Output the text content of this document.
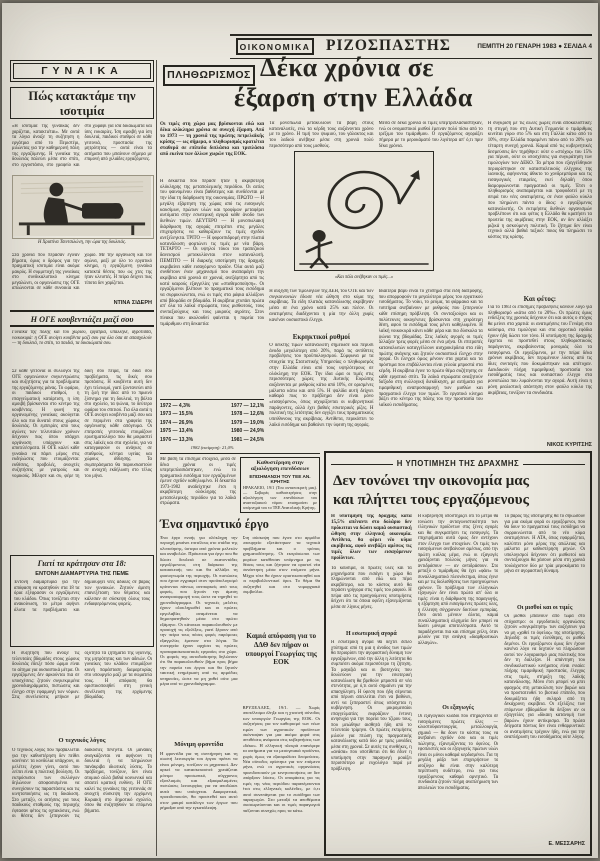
ΟΙΚΟΝΟΜΙΚΑ ΡΙΖΟΣΠΑΣΤΗΣ	ΠΕΜΠΤΗ 20 ΓΕΝΑΡΗ 1983 ● ΣΕΛΙΔΑ 4
ΓΥΝΑΙΚΑ
Πώς κατακτάμε την ισοτιμία
«Η ισοτιμία της γυναίκας δεν χαρίζεται, κατακτιέται». Με αυτά τα λόγια άνοιξε τη συζήτηση η εργάτρια από το Περιστέρι, μιλώντας για την καθημερινή πάλη της εργαζόμενης. Η γυναίκα της δουλειάς παλεύει μέσα στο σπίτι, στο εργοστάσιο, στο γραφείο και στο χωράφι για ίσα δικαιώματα και ίσες ευκαιρίες. Ίση αμοιβή για ίση δουλειά, παιδικοί σταθμοί σε κάθε γειτονιά, προστασία της μητρότητας — αυτά είναι τα αιτήματα που μπαίνουν σήμερα με επιμονή από χιλιάδες εργαζόμενες.
Η Χριστίνα Τσιντσιλώνη, την ώρα της δουλειάς.
Στα χρόνια που πέρασαν έγιναν βήματα, όμως ο δρόμος για την πραγματική ισοτιμία είναι ακόμα μακρύς. Η συμμετοχή της γυναίκας στο συνδικαλιστικό κίνημα μεγαλώνει, οι οργανώσεις της ΟΓΕ απλώνονται σε κάθε συνοικία και χωριό. Με την οργάνωση και τον αγώνα, μαζί με όλο το εργατικό κίνημα, η εργαζόμενη γυναίκα κατακτά θέσεις που ως χτες της ήταν κλειστές. Η πείρα δείχνει πως τίποτα δεν χαρίζεται.
ΝΤΙΝΑ ΣΙΔΕΡΗ
Η ΟΓΕ κουβεντιάζει μαζί σου
Γυναίκα της πόλης και του χωριού, εργάτρια, υπάλληλε, αγρότισσα, νοικοκυρά: η ΟΓΕ ανοίγει κουβέντα μαζί σου για όλα όσα σε απασχολούν — τη δουλειά, το σπίτι, τα παιδιά, τα δικαιώματά σου.
Σε κάθε γειτονιά οι σύλλογοι της ΟΓΕ οργανώνουν συγκεντρώσεις και συζητήσεις για τα προβλήματα της εργαζόμενης μάνας. Το ωράριο, οι παιδικοί σταθμοί, η επαγγελματική κατάρτιση, η ίση αμοιβή βρίσκονται στο κέντρο της κουβέντας. Η φωνή της οργανωμένης γυναίκας ακούγεται όλο και πιο δυνατά στους χώρους δουλειάς. Οι εμπειρίες από τους αγώνες των τελευταίων χρόνων δείχνουν πως όπου υπάρχει οργάνωση υπάρχουν και αποτελέσματα. Η ΟΓΕ καλεί κάθε γυναίκα να πάρει μέρος στις εκδηλώσεις που ετοιμάζονται: εκθέσεις, προβολές, ανοιχτές συζητήσεις με γιατρούς και νομικούς. Μίλησε και συ, φέρε τη δική σου πείρα, τα δικά σου προβλήματα, τις δικές σου προτάσεις. Η κουβέντα αυτή δεν έχει τελειωμό, γιατί ζωντανεύει από τη ζωή την ίδια: από το πρωινό ξύπνημα για τη δουλειά, τη βόλτα στο σχολείο, τα ψώνια, το δεύτερο ωράριο του σπιτιού. Για όλα αυτά η ΟΓΕ ανοίγει κουβέντα μαζί σου και σε περιμένει στα γραφεία της οργάνωσης κάθε απόγευμα. Οι επιτροπές γειτονιάς ετοιμάζουν ερωτηματολόγιο που θα μοιραστεί στις λαϊκές και στα σχολεία, για να καταγραφούν οι ανάγκες σε σταθμούς, κέντρα υγείας και χώρους άθλησης. Τα συμπεράσματα θα παρουσιαστούν σε ανοιχτή εκδήλωση στο τέλος του μήνα.
Γιατί τα κράτησαν στα 18:
ΕΝΤΟΝΗ ΔΙΑΜΑΡΤΥΡΙΑ ΤΗΣ ΠΕΜΕ
Έντονη διαμαρτυρία για την απόφαση να κρατηθούν στα 18 τα όρια εξέφρασαν οι εργαζόμενες του κλάδου. Όπως τονίζεται στην ανακοίνωση, το μέτρο αφήνει άλυτα τα προβλήματα και δημιουργεί νέες αδικίες σε βάρος των γυναικών. Ζητούν άμεση επανεξέταση του θέματος και κάλεσαν σε σύσκεψη όλους τους ενδιαφερόμενους φορείς.
Η συζήτηση που άνοιξε τις τελευταίες βδομάδες στους χώρους δουλειάς έδειξε πόσο ώριμο είναι το αίτημα για ουσιαστικά μέτρα. Οι εργαζόμενες δεν αρκούνται πια σε υποσχέσεις: ζητούν συγκεκριμένα χρονοδιαγράμματα, πιστώσεις και έλεγχο στην εφαρμογή των νόμων. Στις συνελεύσεις μπήκαν με οξύτητα τα ζητήματα της υγιεινής, της μητρότητας και των αδειών. Οι γυναίκες του κλάδου ετοιμάζουν κοινή παράσταση διαμαρτυρίας στο υπουργείο μαζί με τα σωματεία τους. Η απόφαση θα οριστικοποιηθεί στη γενική συνέλευση της ερχόμενης βδομάδας.
Ο τεχνικός λόγος
Ο τεχνικός λόγος που προβάλλεται για την καθυστέρηση δεν πείθει κανέναν: τα κονδύλια υπάρχουν, οι μελέτες έχουν γίνει, αυτό που λείπει είναι η πολιτική βούληση. Οι εκπρόσωποι των συλλόγων δηλώνουν αποφασισμένοι να συνεχίσουν τις παραστάσεις και τις κινητοποιήσεις ως τη δικαίωση. Στο μεταξύ, οι αιτήσεις για τους παιδικούς σταθμούς της περιοχής έφτασαν φέτος τις οχτακόσιες, ενώ οι θέσεις δεν ξεπερνούν τις διακόσιες πενήντα. Οι μανάδες αναγκάζονται να αφήνουν τη δουλειά ή να πληρώνουν πανάκριβα ιδιωτικές λύσεις. Το πρόβλημα, τονίζουν, δεν είναι ατομικό αλλά βαθιά κοινωνικό και απαιτεί κρατική ευθύνη. Η ΟΓΕ καλεί τις γυναίκες της γειτονιάς σε ανοιχτή σύσκεψη την ερχόμενη Κυριακή στο δημοτικό σχολείο, όπου θα συζητηθούν τα επόμενα βήματα.
ΠΛΗΘΩΡΙΣΜΟΣ Δέκα χρόνια σε
έξαρση στην Ελλάδα
Οι τιμές στη χώρα μας βρίσκονται εδώ και δέκα ολόκληρα χρόνια σε συνεχή έξαρση. Από το 1973 — τη χρονιά της πρώτης πετρελαϊκής κρίσης — ως σήμερα, ο πληθωρισμός κρατιέται σταθερά σε επίπεδα διπλάσια και τριπλάσια από εκείνα των άλλων χωρών της ΕΟΚ.
Η δεκαετία που πέρασε ήταν η ακριβότερη ολόκληρης της μεταπολεμικής περιόδου. Οι αιτίες του φαινομένου είναι βαθύτερες και συνδέονται με την ίδια τη διάρθρωση της οικονομίας. ΠΡΩΤΟ — Η μεγάλη εξάρτηση της χώρας από τις εισαγωγές καυσίμων, πρώτων υλών και τροφίμων μεταφέρει αυτόματα στην εσωτερική αγορά κάθε άνοδο των διεθνών τιμών. ΔΕΥΤΕΡΟ — Η μονοπωλιακή διάρθρωση της αγοράς επιτρέπει στις μεγάλες επιχειρήσεις να καθορίζουν τις τιμές σχεδόν ανεξέλεγκτα. ΤΡΙΤΟ — Η φοροεπιδρομή στην πλατιά κατανάλωση φορτώνει τις τιμές με νέα βάρη. ΤΕΤΑΡΤΟ — Οι υψηλοί τόκοι του τραπεζικού δανεισμού μετακυλίονται στον καταναλωτή. ΠΕΜΠΤΟ — Η διαρκής υποτίμηση της δραχμής ακριβαίνει κάθε εισαγόμενο προϊόν. Όλα αυτά μαζί συνθέτουν έναν μηχανισμό που αναπαράγει την ακρίβεια από χρονιά σε χρονιά, ανεξάρτητα από τις κατά καιρούς εξαγγελίες για «σταθεροποίηση». Οι εργαζόμενοι βλέπουν το πραγματικό τους εισόδημα να συρρικνώνεται, ενώ οι τιμές στα ράφια αλλάζουν από βδομάδα σε βδομάδα. Η ακρίβεια χτυπάει πρώτα απ' όλα τα λαϊκά στρώματα, τους μισθωτούς, τους συνταξιούχους και τους μικρούς αγρότες. Στον πίνακα που ακολουθεί φαίνεται η πορεία του τιμάριθμου στη δεκαετία:
1972 — 4,3%	1977 — 12,1%
1973 — 15,5%	1978 — 12,6%
1974 — 26,9%	1979 — 19,0%
1975 — 13,4%	1980 — 24,9%
1976 — 13,3%	1981 — 24,5%
1982 (εκτίμηση): 21,0%
Τα μονοπώλια μετακυλίουν τα βάρη στους καταναλωτές, ενώ τα κέρδη τους αυξάνονται χρόνο με το χρόνο. Η τιμή του ψωμιού, του γάλακτος και του λαδιού ανέβηκε μέσα στη χρονιά πολύ περισσότερο από τους μισθούς.
Η αύξηση των τιμολογίων της ΔΕΗ, του ΟΤΕ και των συγκοινωνιών έδωσε νέα ώθηση στο κύμα της ακρίβειας. Τα είδη πλατιάς κατανάλωσης ακρίβηναν μέσα σε ένα χρόνο κατά 25% και πλέον. Οι ανατιμήσεις διαδέχονται η μία την άλλη χωρίς κανέναν ουσιαστικό έλεγχο.
Εκρηκτικοί ρυθμοί
Ο δείκτης τιμών καταναλωτή σημείωσε και πέρυσι άνοδο μεγαλύτερη από 20%, παρά τις αντίθετες προβλέψεις του προϋπολογισμού. Σύμφωνα με τα στοιχεία της Στατιστικής Υπηρεσίας ο πληθωρισμός στην Ελλάδα είναι από τους υψηλότερους σε ολόκληρη την ΕΟΚ. Την ίδια ώρα οι τιμές στις περισσότερες χώρες της Δυτικής Ευρώπης αυξάνονται με ρυθμούς κάτω από 10%, σε ορισμένες μάλιστα κάτω και από 5%. Η ψαλίδα αυτή δείχνει καθαρά πως το πρόβλημα δεν είναι μόνο «εισαγόμενο», όπως ισχυρίζονται οι κυβερνητικοί παράγοντες, αλλά έχει βαθιές εσωτερικές ρίζες. Η πολιτική της λιτότητας δεν αγγίζει τους πραγματικούς υπεύθυνους της ακρίβειας. Αντίθετα, περικόπτει το λαϊκό εισόδημα και βαθαίνει την ύφεση της αγοράς.
Μέσα σε δέκα χρόνια οι τιμές υπερτριπλασιάστηκαν, ενώ οι ονομαστικοί μισθοί έμειναν πολύ πίσω από το τρέξιμο του τιμάριθμου. Ο εργαζόμενος αγοράζει σήμερα με το μεροκάματό του λιγότερα απ' ό,τι πριν δέκα χρόνια.
Ιδιαίτερα βαρύ είναι το χτύπημα στα είδη διατροφής, που απορροφούν το μεγαλύτερο μέρος του εργατικού εισοδήματος. Το νοίκι, το ρεύμα, τα φάρμακα και τα εισιτήρια ανεβαίνουν με ρυθμούς που ξεπερνούν κάθε επίσημη πρόβλεψη. Οι συνταξιούχοι και οι πολύτεκνες οικογένειες βρίσκονται στη χειρότερη θέση, αφού το εισόδημά τους μένει καθηλωμένο. Η λαϊκή νοικοκυρά κάνει κάθε μέρα και πιο δύσκολα τα ψώνια της βδομάδας. Στις λαϊκές αγορές οι τιμές άλλαξαν τρεις φορές μέσα σε ένα μήνα. Οι επιτροπές καταναλωτών καταγγέλλουν αισχροκέρδεια στα είδη πρώτης ανάγκης και ζητούν ουσιαστικό έλεγχο στην αγορά. Οι έλεγχοι όμως μένουν στα χαρτιά και τα πρόστιμα που επιβάλλονται είναι γελοία μπροστά στα κέρδη. Η ακρίβεια έγινε το πρώτο θέμα συζήτησης σε κάθε εργατικό σπίτι. Τα λαϊκά στρώματα αναζητούν διέξοδο στη συλλογική διεκδίκηση, με αιτήματα για τιμαριθμική αναπροσαρμογή των μισθών και πραγματικό έλεγχο των τιμών. Το εργατικό κίνημα βάζει στο κέντρο της πάλης του την προστασία του λαϊκού εισοδήματος.
Η σύγκριση με τις άλλες χώρες είναι αποκαλυπτική: τη στιγμή που στη Δυτική Γερμανία ο τιμάριθμος κινείται γύρω στο 5% και στη Γαλλία κάτω από το 10%, στην Ελλάδα παραμένει πάνω από το 20% για τέταρτη συνεχή χρονιά. Καμιά από τις κυβερνητικές δεσμεύσεις δεν τηρήθηκε: ούτε ο «στόχος» του 15% για πέρυσι, ούτε οι υποσχέσεις για συγκράτηση των τιμολογίων των ΔΕΚΟ. Τα μέτρα που εξαγγέλθηκαν περιορίστηκαν σε κατασταλτικούς ελέγχους της λιανικής, αφήνοντας άθικτο το χονδρεμπόριο και τις εισαγωγικές εταιρείες, εκεί δηλαδή όπου διαμορφώνονται πραγματικά οι τιμές. Έτσι ο πληθωρισμός αναπαράγεται και τροφοδοτεί με τη σειρά του νέες ανατιμήσεις, σε έναν φαύλο κύκλο που πληρώνει πάντα ο ίδιος: ο εργαζόμενος καταναλωτής. Οι εκτιμήσεις διεθνών οργανισμών προβλέπουν ότι και φέτος η Ελλάδα θα κρατήσει τα πρωτεία της ακρίβειας στην ΕΟΚ, αν δεν αλλάξει ριζικά η ασκούμενη πολιτική. Το ζήτημα δεν είναι τεχνικό αλλά βαθιά ταξικό: ποιος θα πληρώσει το κόστος της κρίσης.
Και φέτος:
Για το 1983 οι επίσημες προβλέψεις κάνουν λόγο για πληθωρισμό «κάτω από το 20%». Οι πρώτες όμως ενδείξεις της χρονιάς δείχνουν ότι και αυτός ο στόχος θα μείνει στα χαρτιά: οι ανατιμήσεις του Γενάρη στα καύσιμα, στα τιμολόγια και στα αγροτικά εφόδια έχουν ήδη δώσει τον τόνο. Η υποτίμηση της δραχμής έρχεται να προστεθεί στους πληθωριστικούς παράγοντες, ακριβαίνοντας μονομιάς όλα τα εισαγόμενα. Οι εργαζόμενοι, με την πείρα δέκα χρόνων ακρίβειας, δεν περιμένουν λύσεις από τις ίδιες συνταγές που δοκιμάστηκαν και απέτυχαν. Διεκδικούν πλήρη τιμαριθμική προστασία του εισοδήματός τους και ουσιαστικό έλεγχο στα μονοπώλια που λυμαίνονται την αγορά. Αυτή είναι η μόνη ρεαλιστική απάντηση στον φαύλο κύκλο της ακρίβειας, τονίζουν τα συνδικάτα.
ΝΙΚΟΣ ΚΥΡΙΤΣΗΣ
«Και πάλι ανέβηκαν οι τιμές...»
Με βάση τα επίσημα στοιχεία, μέσα σε δέκα χρόνια οι τιμές υπερτριπλασιάστηκαν, ενώ το πραγματικό εισόδημα των εργαζομένων έμεινε σχεδόν καθηλωμένο. Η δεκαετία 1973-1982 αναδείχτηκε έτσι η ακριβότερη ολόκληρης της μεταπολεμικής περιόδου για τα λαϊκά στρώματα.
Καθυστέρηση στην αξιολόγηση επενδύσεων
ΕΠΙΣΗΜΑΝΣΗ ΤΟΥ ΤΕΕ ΑΝ. ΚΡΗΤΗΣ
ΗΡΑΚΛΕΙΟ, 19/1 (Του ανταποκριτή μας). — Σοβαρές καθυστερήσεις στην αξιολόγηση των επενδύσεων του αναπτυξιακού νόμου επισημαίνει με υπόμνημά του το ΤΕΕ Ανατολικής Κρήτης.
Ένα σημαντικό έργο
Ένα έργο πνοής για ολόκληρη την περιοχή μπαίνει επιτέλους στο στάδιο της υλοποίησης, ύστερα από χρόνια μελετών και αναβολών. Πρόκειται για έργο που θα δώσει δουλειά σε εκατοντάδες εργαζόμενους στη διάρκεια της κατασκευής του και θα αλλάξει τη φυσιογνωμία της περιοχής. Οι πιστώσεις που έχουν εγγραφεί στον προϋπολογισμό κρίνονται πάντως ανεπαρκείς από τους φορείς, που ζητούν την άμεση αναπροσαρμογή τους ώστε να τηρηθεί το χρονοδιάγραμμα. Οι τεχνικές μελέτες έχουν ολοκληρωθεί και οι πρώτες εργολαβίες αναμένεται να δημοπρατηθούν μέσα στο πρώτο εξάμηνο. Οι κάτοικοι παρακολουθούν με προσοχή τις εξελίξεις, γιατί ξέρουν από την πείρα τους πόσες φορές παρόμοιες εξαγγελίες έμειναν στα λόγια. Τα συνεργεία έχουν αρχίσει τις πρώτες προπαρασκευαστικές εργασίες στο χώρο. Οι φορείς της αυτοδιοίκησης δηλώνουν ότι θα παρακολουθούν βήμα προς βήμα την πορεία του έργου και θα ζητούν τακτική ενημέρωση από τις αρμόδιες υπηρεσίες, ώστε να μη χαθεί ούτε μια μέρα από το χρονοδιάγραμμα.
Μόνιμη φροντίδα
Η φροντίδα για τη συντήρηση και τη σωστή λειτουργία του έργου πρέπει να είναι μόνιμη, τονίζουν οι μηχανικοί. Δεν αρκεί να κατασκευαστεί: χρειάζεται μόνιμο προσωπικό, σύγχρονος εξοπλισμός και εξασφαλισμένες πιστώσεις λειτουργίας για να αποδώσει αυτά που υπόσχεται. Διαφορετικά, προειδοποιούν, θα προστεθεί και αυτό στον μακρύ κατάλογο των έργων που ρήμαξαν από την εγκατάλειψη.
Στη σύσκεψη που έγινε στο αρμόδιο υπουργείο εξετάστηκαν τα τεχνικά προβλήματα και ο τρόπος χρηματοδότησης. Οι εκπρόσωποι των φορέων κατέθεσαν υπόμνημα με τις θέσεις τους και ζήτησαν να οριστεί νέα συνάντηση μέσα στον επόμενο μήνα. Μέχρι τότε θα έχουν οριστικοποιηθεί και οι περιβαλλοντικοί όροι. Το θέμα θα συζητηθεί και στο νομαρχιακό συμβούλιο.
Καμιά απόφαση για το ΔΔΘ δεν πήραν οι υπουργοί Γεωργίας της ΕΟΚ
ΒΡΥΞΕΛΛΕΣ, 19/1. — Χωρίς αποτέλεσμα έληξε και η χτεσινή σύνοδος των υπουργών Γεωργίας της ΕΟΚ. Οι συζητήσεις για τον καθορισμό των νέων τιμών των αγροτικών προϊόντων σκόνταψαν για μια ακόμα φορά στις αντιθέσεις ανάμεσα στις κυβερνήσεις των «δέκα». Η ελληνική πλευρά επανέφερε τα αιτήματα για τα μεσογειακά προϊόντα, χωρίς όμως να εξασφαλίσει δεσμεύσεις. Νέα σύνοδος ορίστηκε για τον επόμενο μήνα, ενώ οι αγροτικές οργανώσεις προειδοποιούν με κινητοποιήσεις αν δεν υπάρξουν λύσεις. Οι αποφάσεις για τις τιμές της νέας περιόδου παραπέμπονται έτσι στις ελληνικές καλένδες, με ό,τι αυτό συνεπάγεται για το εισόδημα των παραγωγών. Στο μεταξύ τα αποθέματα συσσωρεύονται και οι τιμές παραγωγού πιέζονται συνεχώς προς τα κάτω.
Η ΥΠΟΤΙΜΗΣΗ ΤΗΣ ΔΡΑΧΜΗΣ
Δεν τονώνει την οικονομία μας
και πλήττει τους εργαζόμενους
Η υποτίμηση της δραχμής κατά 15,5% απέναντι στο δολάριο δεν πρόκειται να δώσει καμιά ουσιαστική ώθηση στην ελληνική οικονομία. Αντίθετα, θα φέρει νέο κύμα ακρίβειας, αφού ανεβάζει αμέσως τις τιμές όλων των εισαγόμενων προϊόντων.
Τα καύσιμα, οι πρώτες ύλες και τα μηχανήματα που εισάγει η χώρα θα πληρώνονται από εδώ και πέρα ακριβότερα, και το κόστος αυτό θα περάσει γρήγορα στις τιμές του ραφιού. Η πείρα από τις προηγούμενες υποτιμήσεις δείχνει ότι τα όποια οφέλη εξανεμίζονται μέσα σε λίγους μήνες.
Η εσωτερική αγορά
Η εσωτερική αγορά θα δεχτεί διπλό χτύπημα: από τη μια η άνοδος των τιμών θα περιορίσει την αγοραστική δύναμη των εργαζομένων, από την άλλη η λιτότητα θα συμπιέσει ακόμα περισσότερο τη ζήτηση. Τα μαγαζιά και οι βιοτεχνίες που δουλεύουν για την εσωτερική κατανάλωση θα βρεθούν μπροστά σε νέα στενότητα, με ό,τι αυτό σημαίνει για την απασχόληση. Η ύφεση που ήδη σέρνεται από πέρυσι απειλείται έτσι να βαθύνει, αντί να ξεπεραστεί όπως υπόσχεται η κυβέρνηση. Οι μικρομεσαίοι επαγγελματίες εκφράζουν έντονη ανησυχία για την πορεία του τζίρου τους, που μειώθηκε αισθητά ήδη από το τελευταίο τρίμηνο. Οι πρώτες εκτιμήσεις μιλούν για πτώση της πραγματικής κατανάλωσης κατά δύο με τρεις μονάδες μέσα στη χρονιά. Σε αυτές τις συνθήκες, η «ανάσα» που υποτίθεται ότι θα έδινε η υποτίμηση στην παραγωγή μοιάζει περισσότερο με ευχολόγιο παρά με πρόβλεψη.
Η κυβέρνηση υποστηρίζει ότι το μέτρο θα τονώσει την ανταγωνιστικότητα των ελληνικών προϊόντων στις ξένες αγορές και θα συγκρατήσει τις εισαγωγές. Τα επιχειρήματα αυτά όμως δεν αντέχουν στον έλεγχο των στοιχείων. Οι τιμές των εισαγόμενων ανεβαίνουν αμέσως, από την πρώτη κιόλας μέρα, ενώ οι εξαγωγές χρειάζονται πολλούς μήνες για να αντιδράσουν — αν αντιδράσουν. Στο μεταξύ ο τιμάριθμος θα έχει «φάει» το συναλλαγματικό πλεονέκτημα, όπως έγινε και με τις διολισθήσεις των προηγούμενων χρόνων. Το πρόβλημα των ελληνικών εξαγωγών δεν είναι πρώτα απ' όλα οι τιμές: είναι η διάρθρωση της παραγωγής, η εξάρτηση από εισαγόμενες πρώτες ύλες, η έλλειψη σύγχρονων δικτύων εμπορίας. Όσο αυτά μένουν άλυτα, καμιά συναλλαγματική αλχημεία δεν μπορεί να δώσει μόνιμα αποτελέσματα. Αυτό το παραδέχονται πια και επίσημα χείλη, όταν μιλούν για την ανάγκη «διαρθρωτικών αλλαγών».
Οι εξαγωγές
Οι εξαγωγικοί κλάδοι που στηρίζονται σε εισαγόμενες πρώτες ύλες — κλωστοϋφαντουργία, μεταλλουργία, χημικά — θα δουν το κόστος τους να ανεβαίνει σχεδόν όσο και οι τιμές πώλησης, εξανεμίζοντας το όφελος. Οι εφοπλιστές και οι εξαγωγείς πρώτων υλών είναι οι μόνοι καθαρά κερδισμένοι. Για τη μεγάλη μάζα των επιχειρήσεων το ισοζύγιο θα είναι στην καλύτερη περίπτωση ουδέτερο, ενώ για τους εργαζόμενους καθαρά αρνητικό. Τα συνδικάτα ζητούν πλήρη αναπλήρωση των απωλειών του εισοδήματος.
Το βάρος της υποτίμησης θα το σηκώσουν για μια ακόμα φορά οι εργαζόμενοι, που θα δουν το πραγματικό τους εισόδημα να συρρικνώνεται από το νέο κύμα ανατιμήσεων. Η ΑΤΑ, όπως εφαρμόζεται, καλύπτει μόνο μέρος της απώλειας και μάλιστα με καθυστέρηση μηνών. Οι υπολογισμοί δείχνουν ότι μισθωτοί και συνταξιούχοι θα χάσουν μέσα στη χρονιά τουλάχιστον δύο με τρία μεροκάματα το μήνα σε αγοραστική δύναμη.
Οι μισθοί και οι τιμές
Οι μισθοί μπαίνουν από τώρα στο στόχαστρο: οι εργοδοτικές οργανώσεις ζητούν «συγκράτηση» των αυξήσεων για να μη «χαθεί το όφελος» της υποτίμησης. Δηλαδή: οι τιμές ελεύθερες, οι μισθοί δεμένοι. Οι εργαζόμενοι όμως δεν έχουν κανένα λόγο να δεχτούν να πληρώσουν αυτοί τον λογαριασμό μιας πολιτικής που δεν τη διάλεξαν. Η απάντηση του συνδικαλιστικού κινήματος είναι ενιαία: πλήρης τιμαριθμική προστασία, έλεγχος στις τιμές, στήριξη της λαϊκής κατανάλωσης. Μόνο έτσι μπορεί να μπει φραγμός στη μετακύλιση των βαρών και να προστατευθεί το βιοτικό επίπεδο, που δοκιμάζεται ήδη σκληρά από τη δεκάχρονη ακρίβεια. Οι εξελίξεις των επόμενων εβδομάδων θα δείξουν αν οι εξαγγελίες για «δίκαιη κατανομή των βαρών» έχουν αντίκρισμα. Τα πρώτα δείγματα πάντως δεν είναι ενθαρρυντικά: οι ανατιμήσεις τρέχουν ήδη, ενώ για την αναπλήρωση του εισοδήματος ούτε λόγος.
Ε. ΜΕΣΣΑΡΗΣ
